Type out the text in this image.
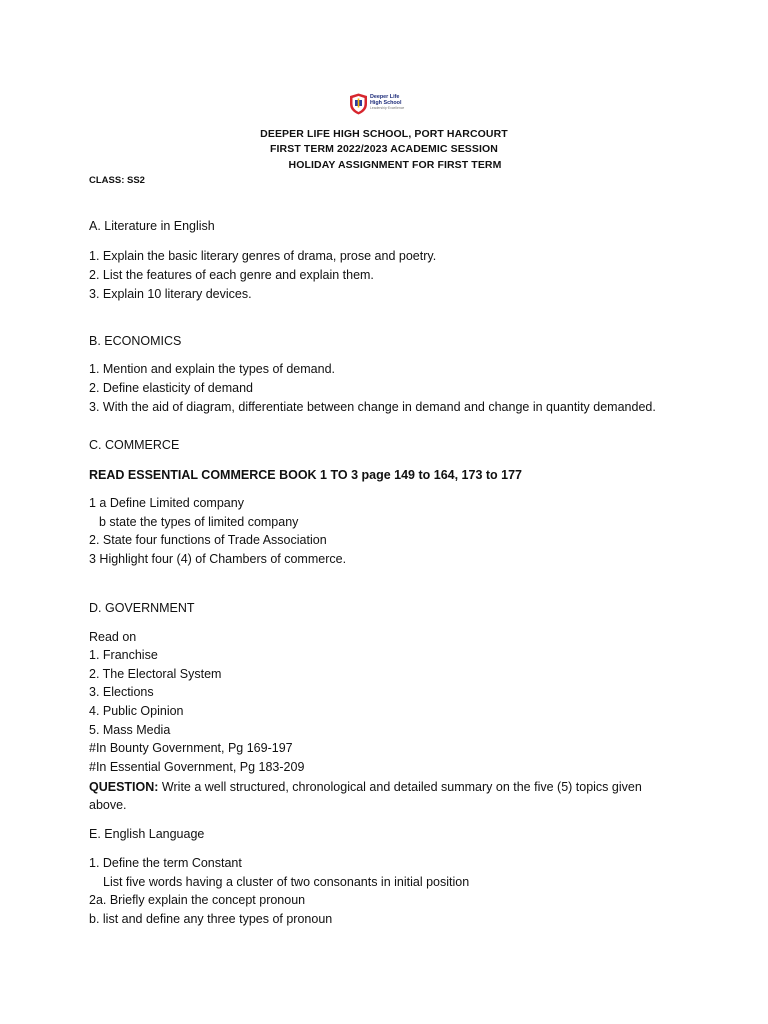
Deeper Life
High School
Leadership·Excellence
DEEPER LIFE HIGH SCHOOL, PORT HARCOURT
FIRST TERM 2022/2023 ACADEMIC SESSION
HOLIDAY ASSIGNMENT FOR FIRST TERM
CLASS: SS2
A. Literature in English
1. Explain the basic literary genres of drama, prose and poetry.
2. List the features of each genre and explain them.
3. Explain 10 literary devices.
B. ECONOMICS
1. Mention and explain the types of demand.
2. Define elasticity of demand
3. With the aid of diagram, differentiate between change in demand and change in quantity demanded.
C. COMMERCE
READ ESSENTIAL COMMERCE BOOK 1 TO 3 page 149 to 164, 173 to 177
1 a Define Limited company
b state the types of limited company
2. State four functions of Trade Association
3 Highlight four (4) of Chambers of commerce.
D. GOVERNMENT
Read on
1. Franchise
2. The Electoral System
3. Elections
4. Public Opinion
5. Mass Media
#In Bounty Government, Pg 169-197
#In Essential Government, Pg 183-209
QUESTION: Write a well structured, chronological and detailed summary on the five (5) topics given
above.
E. English Language
1. Define the term Constant
List five words having a cluster of two consonants in initial position
2a. Briefly explain the concept pronoun
b. list and define any three types of pronoun
